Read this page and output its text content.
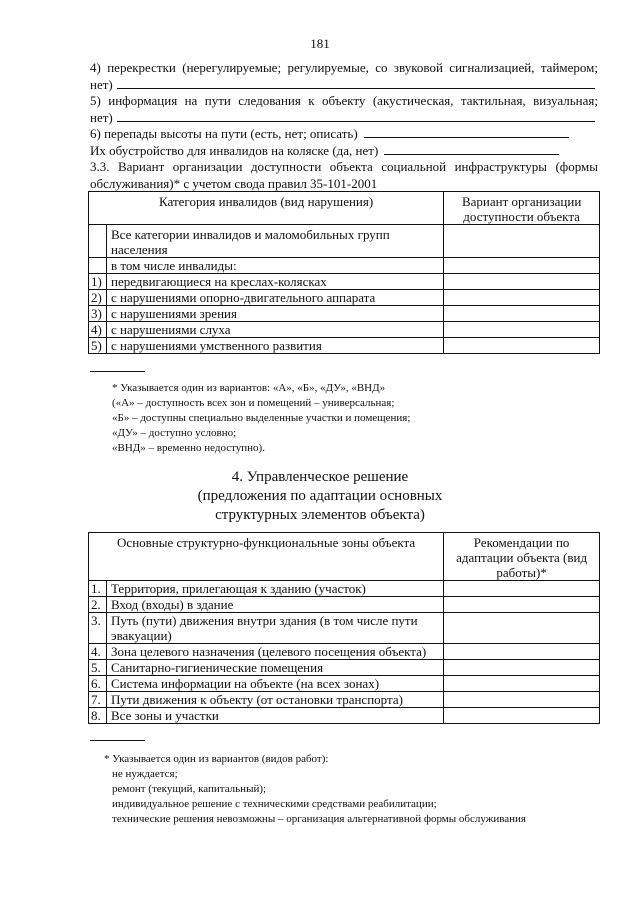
181
4) перекрестки (нерегулируемые; регулируемые, со звуковой сигнализацией, таймером;
нет)
5) информация на пути следования к объекту (акустическая, тактильная, визуальная;
нет)
6) перепады высоты на пути (есть, нет; описать)
Их обустройство для инвалидов на коляске (да, нет)
3.3. Вариант организации доступности объекта социальной инфраструктуры (формы
обслуживания)* с учетом свода правил 35-101-2001
Категория инвалидов (вид нарушения)		Вариант организации доступности объекта
	Все категории инвалидов и маломобильных групп населения	
	в том числе инвалиды:	
1)	передвигающиеся на креслах-колясках	
2)	с нарушениями опорно-двигательного аппарата	
3)	с нарушениями зрения	
4)	с нарушениями слуха	
5)	с нарушениями умственного развития	
* Указывается один из вариантов: «А», «Б», «ДУ», «ВНД»
(«А» – доступность всех зон и помещений – универсальная;
«Б» – доступны специально выделенные участки и помещения;
«ДУ» – доступно условно;
«ВНД» – временно недоступно).
4. Управленческое решение
(предложения по адаптации основных
структурных элементов объекта)
Основные структурно-функциональные зоны объекта		Рекомендации по адаптации объекта (вид работы)*
1.	Территория, прилегающая к зданию (участок)	
2.	Вход (входы) в здание	
3.	Путь (пути) движения внутри здания (в том числе пути эвакуации)	
4.	Зона целевого назначения (целевого посещения объекта)	
5.	Санитарно-гигиенические помещения	
6.	Система информации на объекте (на всех зонах)	
7.	Пути движения к объекту (от остановки транспорта)	
8.	Все зоны и участки	
* Указывается один из вариантов (видов работ):
не нуждается;
ремонт (текущий, капитальный);
индивидуальное решение с техническими средствами реабилитации;
технические решения невозможны – организация альтернативной формы обслуживания
